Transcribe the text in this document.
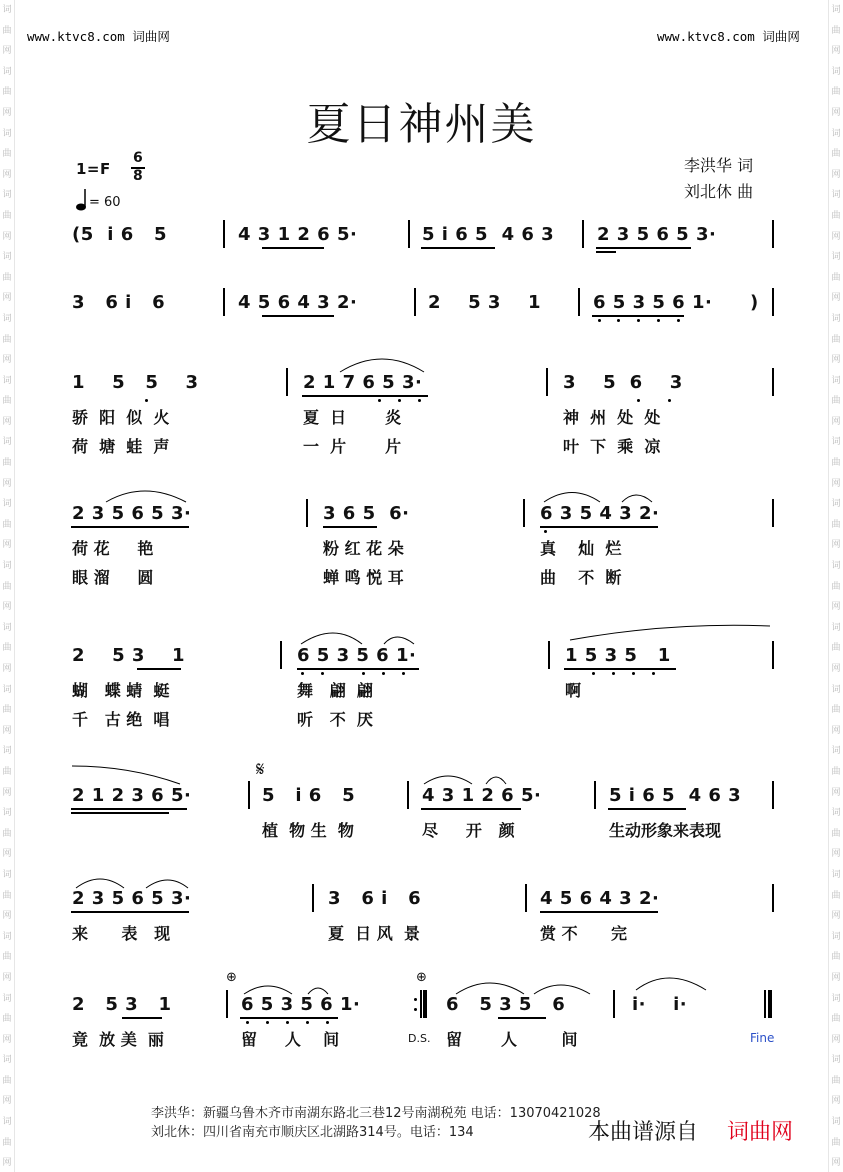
词
曲
网
词
曲
网
词
曲
网
词
曲
网
词
曲
网
词
曲
网
词
曲
网
词
曲
网
词
曲
网
词
曲
网
词
曲
网
词
曲
网
词
曲
网
词
曲
网
词
曲
网
词
曲
网
词
曲
网
词
曲
网
词
曲
网
词
曲
网
词
曲
网
词
曲
网
词
曲
网
词
曲
网
词
曲
网
词
曲
网
词
曲
网
词
曲
网
词
曲
网
词
曲
网
词
曲
网
词
曲
网
词
曲
网
词
曲
网
词
曲
网
词
曲
网
词
曲
网
词
曲
网
www.ktvc8.com 词曲网	www.ktvc8.com 词曲网
夏日神州美
1=F
6
8
= 60
李洪华 词
刘北休 曲
(5  i 6   5	4 3 1 2 6 5·	5 i 6 5  4 6 3 2 3 5 6 5 3·
3   6 i   6	4 5 6 4 3 2·	2    5 3    1	6 5 3 5 6 1· )
1    5   5    3	2 1 7 6 5 3·	3    5  6    3
骄  阳  似  火	夏  日       炎	神  州  处  处
荷  塘  蛙  声	一  片       片	叶  下  乘  凉
2 3 5 6 5 3·	3 6 5  6·	6 3 5 4 3 2·
荷 花     艳	粉 红 花 朵	真    灿  烂
眼 溜     圆	蝉 鸣 悦 耳	曲    不  断
2    5 3    1	6 5 3 5 6 1·	1 5 3 5   1
蝴   蝶 蜻  蜓	舞   翩  翩	啊
千   古 绝  唱	听   不  厌
𝄋
2 1 2 3 6 5·	5   i 6   5	4 3 1 2 6 5·	5 i 6 5  4 6 3
植  物 生  物	尽     开   颜	生动形象来表现
2 3 5 6 5 3·	3   6 i   6	4 5 6 4 3 2·
来      表   现	夏  日 风  景	赏 不      完
⊕	⊕
2   5 3   1	6 5 3 5 6 1·	6   5 3 5   6	i·    i·
竟  放 美  丽	留     人    间	留       人        间
D.S.	Fine
李洪华：新疆乌鲁木齐市南湖东路北三巷12号南湖税苑 电话：13070421028
刘北休：四川省南充市顺庆区北湖路314号。电话：134	本曲谱源自 词曲网
